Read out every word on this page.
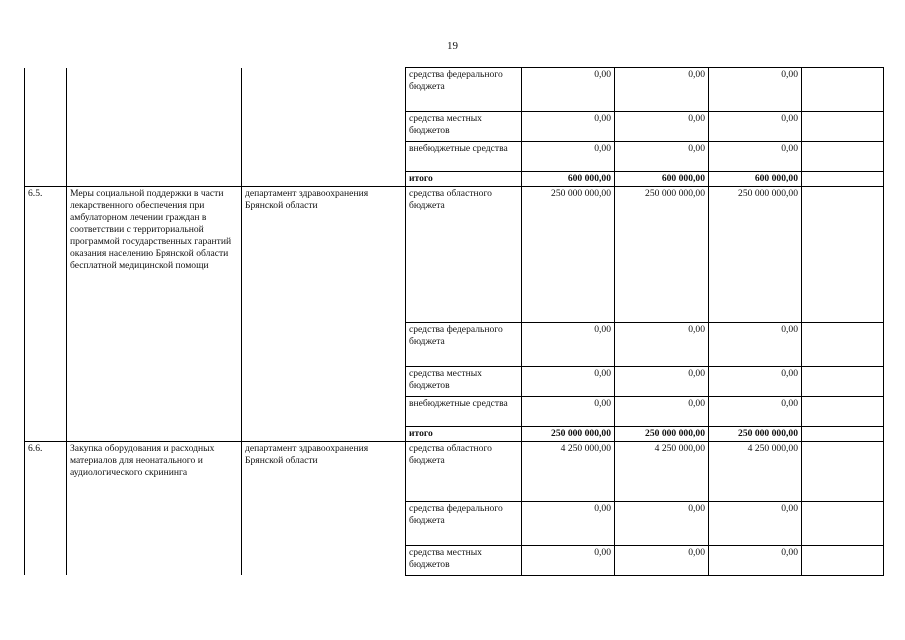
19
			средства федерального бюджета	0,00	0,00	0,00	
			средства местных бюджетов	0,00	0,00	0,00	
			внебюджетные средства	0,00	0,00	0,00	
			итого	600 000,00	600 000,00	600 000,00	
6.5.	Меры социальной поддержки в части лекарственного обеспечения при амбулаторном лечении граждан в соответствии с территориальной программой государственных гарантий оказания населению Брянской области бесплатной медицинской помощи	департамент здравоохранения Брянской области	средства областного бюджета	250 000 000,00	250 000 000,00	250 000 000,00	
			средства федерального бюджета	0,00	0,00	0,00	
			средства местных бюджетов	0,00	0,00	0,00	
			внебюджетные средства	0,00	0,00	0,00	
			итого	250 000 000,00	250 000 000,00	250 000 000,00	
6.6.	Закупка оборудования и расходных материалов для неонатального и аудиологического скрининга	департамент здравоохранения Брянской области	средства областного бюджета	4 250 000,00	4 250 000,00	4 250 000,00	
			средства федерального бюджета	0,00	0,00	0,00	
			средства местных бюджетов	0,00	0,00	0,00	
